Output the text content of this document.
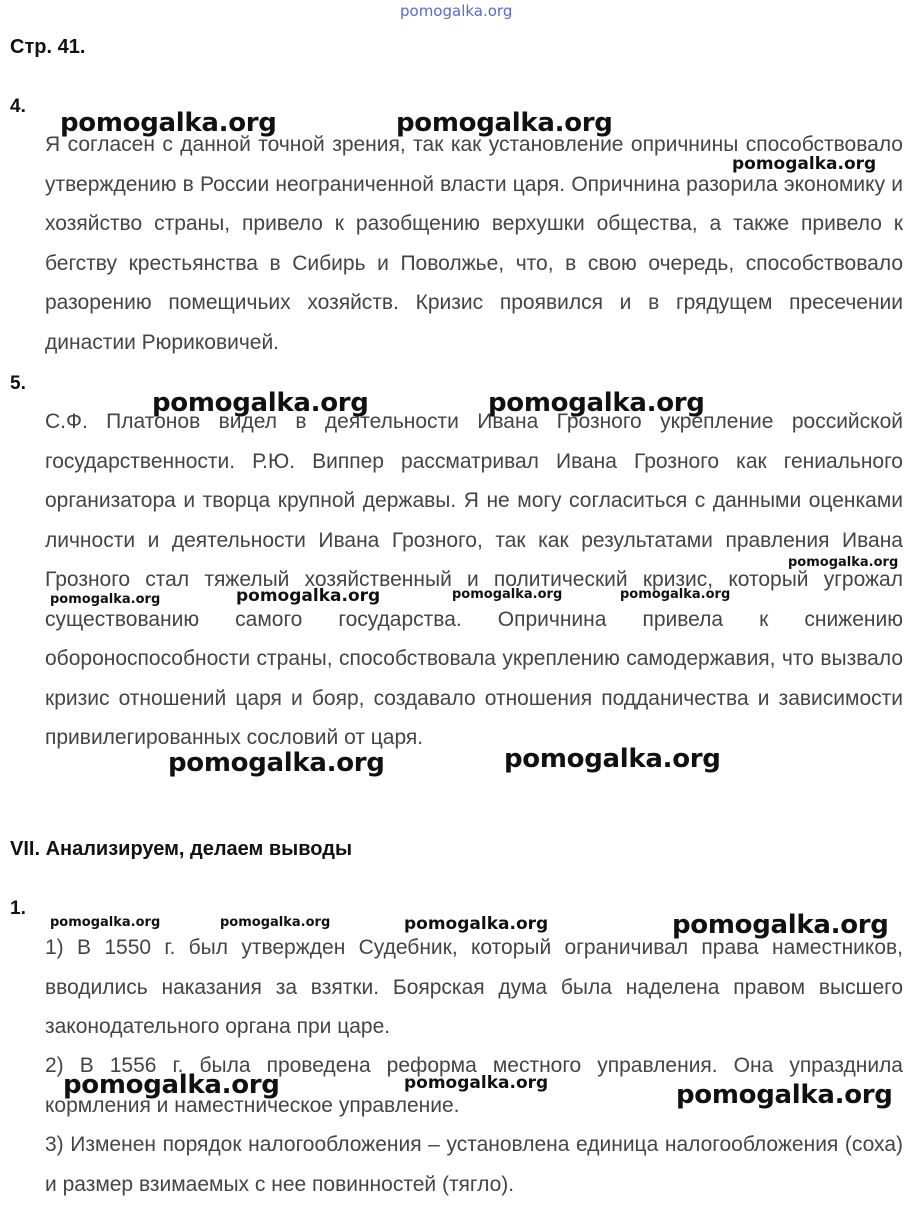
pomogalka.org
Стр. 41.
4.
Я согласен с данной точной зрения, так как установление опричнины способствовало утверждению в России неограниченной власти царя. Опричнина разорила экономику и хозяйство страны, привело к разобщению верхушки общества, а также привело к бегству крестьянства в Сибирь и Поволжье, что, в свою очередь, способствовало разорению помещичьих хозяйств. Кризис проявился и в грядущем пресечении династии Рюриковичей.
5.
С.Ф. Платонов видел в деятельности Ивана Грозного укрепление российской государственности. Р.Ю. Виппер рассматривал Ивана Грозного как гениального организатора и творца крупной державы. Я не могу согласиться с данными оценками личности и деятельности Ивана Грозного, так как результатами правления Ивана Грозного стал тяжелый хозяйственный и политический кризис, который угрожал существованию самого государства. Опричнина привела к снижению обороноспособности страны, способствовала укреплению самодержавия, что вызвало кризис отношений царя и бояр, создавало отношения подданичества и зависимости привилегированных сословий от царя.
VII. Анализируем, делаем выводы
1.
1) В 1550 г. был утвержден Судебник, который ограничивал права наместников, вводились наказания за взятки. Боярская дума была наделена правом высшего законодательного органа при царе.
2) В 1556 г. была проведена реформа местного управления. Она упразднила кормления и наместническое управление.
3) Изменен порядок налогообложения – установлена единица налогообложения (соха) и размер взимаемых с нее повинностей (тягло).
pomogalka.org	pomogalka.org
pomogalka.org
pomogalka.org	pomogalka.org
pomogalka.org
pomogalka.org	pomogalka.org	pomogalka.org	pomogalka.org
pomogalka.org	pomogalka.org
pomogalka.org	pomogalka.org	pomogalka.org	pomogalka.org
pomogalka.org	pomogalka.org	pomogalka.org
